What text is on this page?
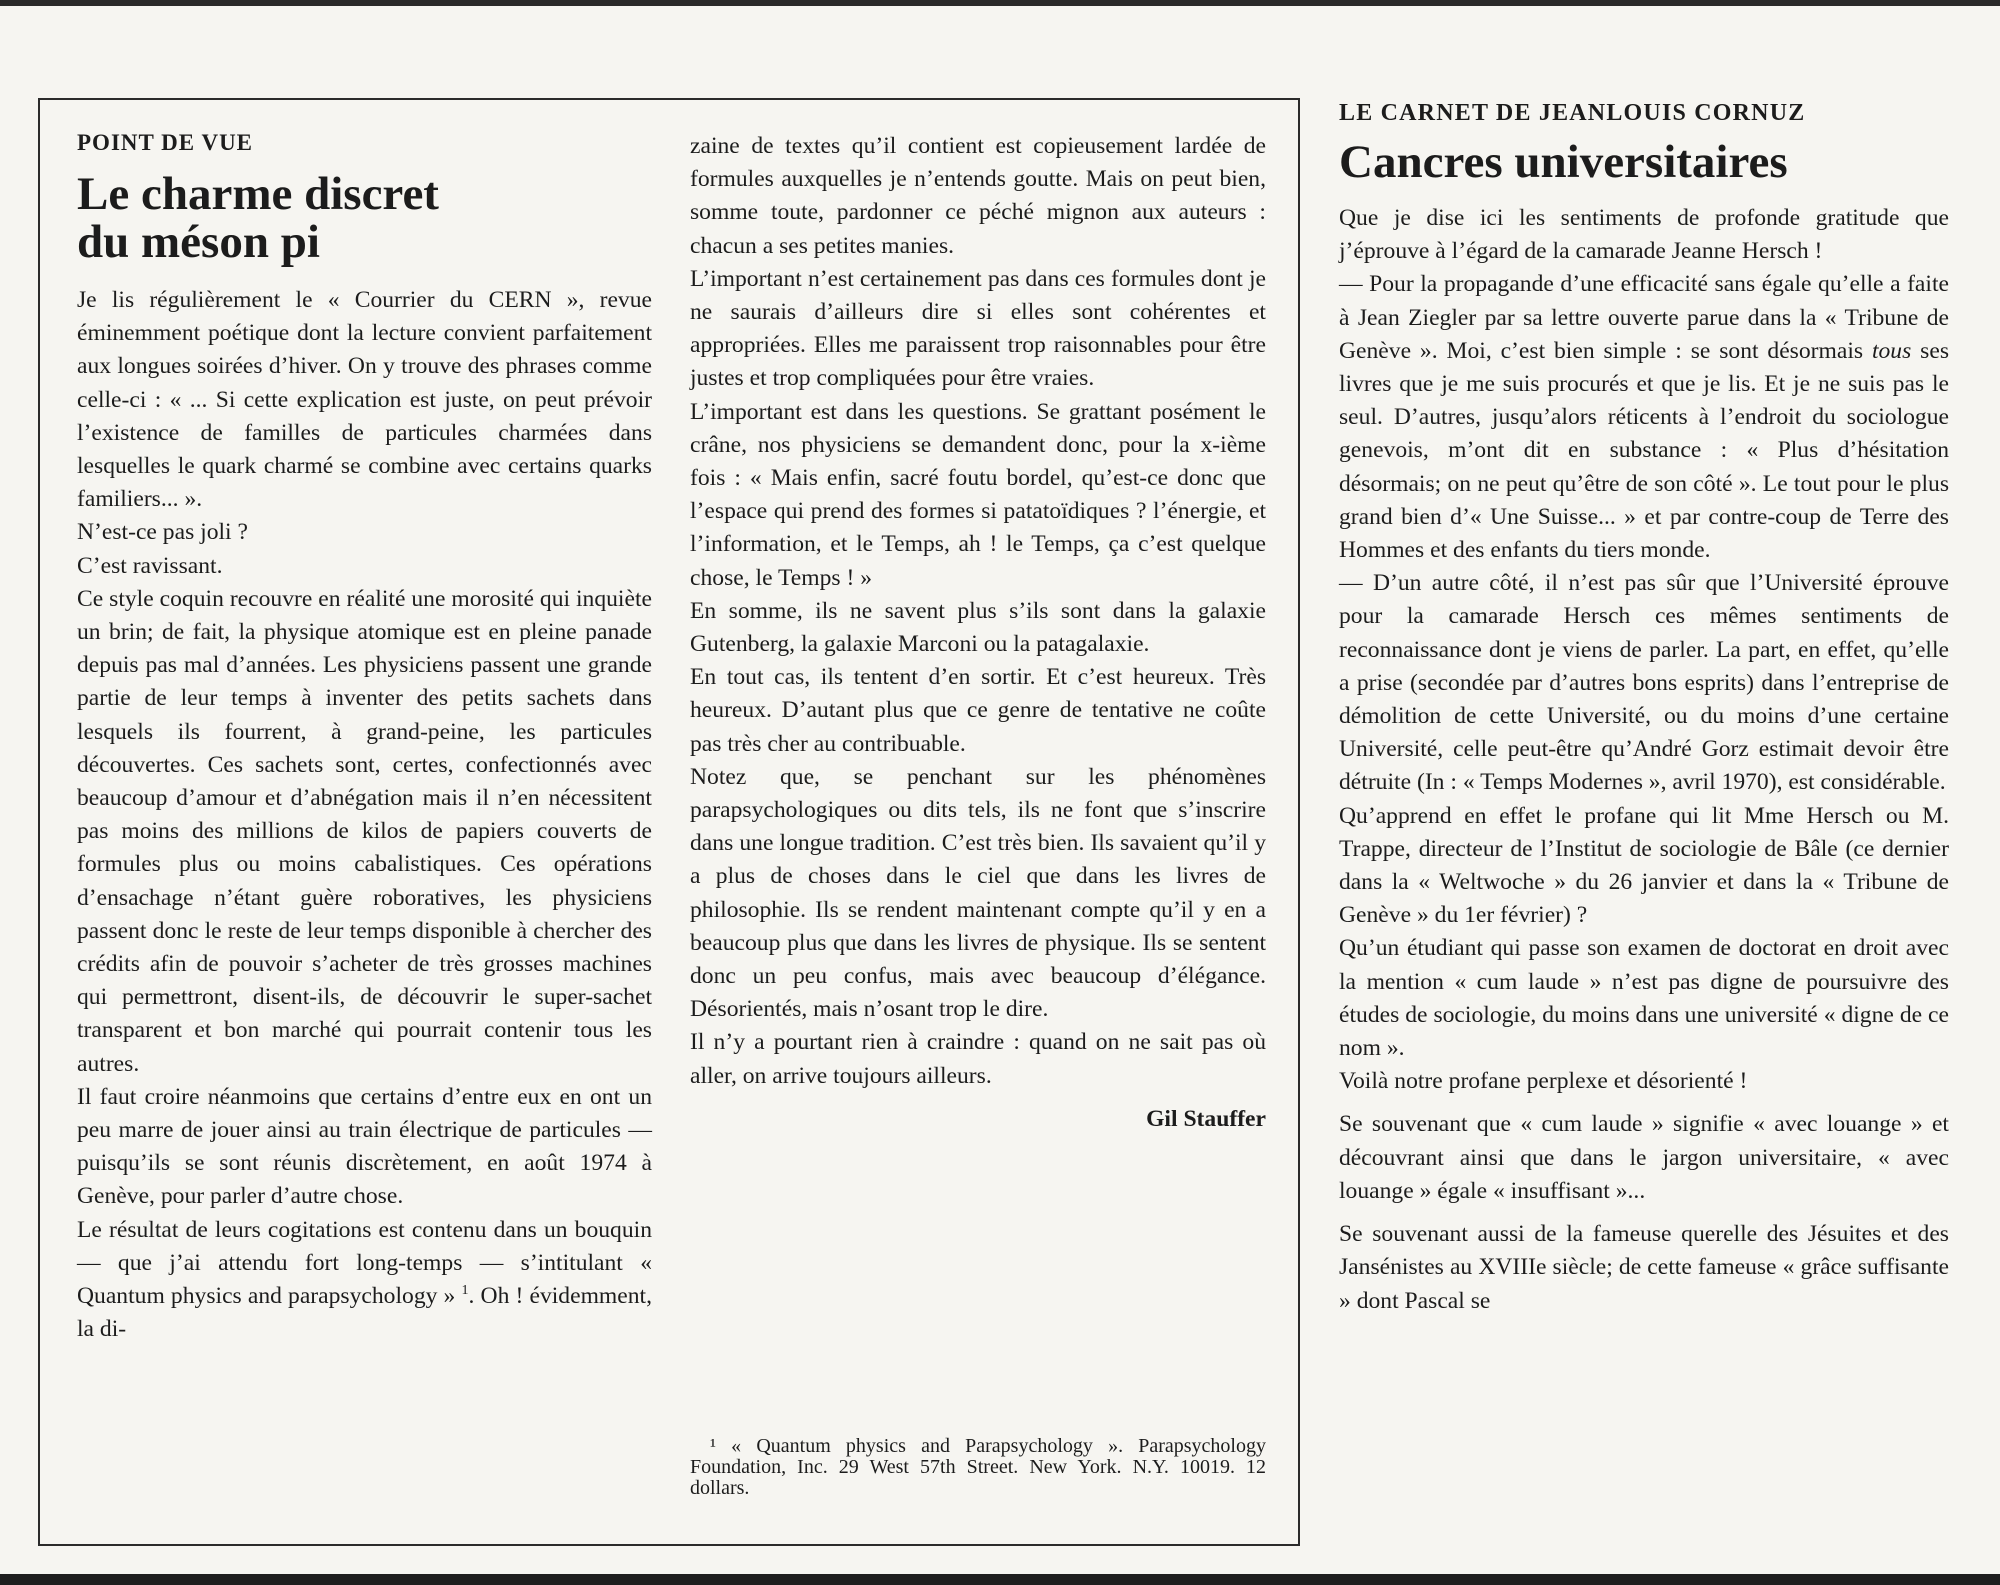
POINT DE VUE
Le charme discret
du méson pi

Je lis régulièrement le « Courrier du CERN », revue éminemment poétique dont la lecture convient parfaitement aux longues soirées d’hiver. On y trouve des phrases comme celle-ci : « ... Si cette explication est juste, on peut prévoir l’existence de familles de particules charmées dans lesquelles le quark charmé se combine avec certains quarks familiers... ».

N’est-ce pas joli ?

C’est ravissant.

Ce style coquin recouvre en réalité une morosité qui inquiète un brin; de fait, la physique atomique est en pleine panade depuis pas mal d’années. Les physiciens passent une grande partie de leur temps à inventer des petits sachets dans lesquels ils fourrent, à grand-peine, les particules découvertes. Ces sachets sont, certes, confectionnés avec beaucoup d’amour et d’abnégation mais il n’en nécessitent pas moins des millions de kilos de papiers couverts de formules plus ou moins cabalistiques. Ces opérations d’ensachage n’étant guère roboratives, les physiciens passent donc le reste de leur temps disponible à chercher des crédits afin de pouvoir s’acheter de très grosses machines qui permettront, disent-ils, de découvrir le super-sachet transparent et bon marché qui pourrait contenir tous les autres.

Il faut croire néanmoins que certains d’entre eux en ont un peu marre de jouer ainsi au train électrique de particules — puisqu’ils se sont réunis discrètement, en août 1974 à Genève, pour parler d’autre chose.

Le résultat de leurs cogitations est contenu dans un bouquin — que j’ai attendu fort long-temps — s’intitulant « Quantum physics and parapsychology » $^1$. Oh ! évidemment, la di-

zaine de textes qu’il contient est copieusement lardée de formules auxquelles je n’entends goutte. Mais on peut bien, somme toute, pardonner ce péché mignon aux auteurs : chacun a ses petites manies.

L’important n’est certainement pas dans ces formules dont je ne saurais d’ailleurs dire si elles sont cohérentes et appropriées. Elles me paraissent trop raisonnables pour être justes et trop compliquées pour être vraies.

L’important est dans les questions. Se grattant posément le crâne, nos physiciens se demandent donc, pour la x-ième fois : « Mais enfin, sacré foutu bordel, qu’est-ce donc que l’espace qui prend des formes si patatoïdiques ? l’énergie, et l’information, et le Temps, ah ! le Temps, ça c’est quelque chose, le Temps ! »

En somme, ils ne savent plus s’ils sont dans la galaxie Gutenberg, la galaxie Marconi ou la patagalaxie.

En tout cas, ils tentent d’en sortir. Et c’est heureux. Très heureux. D’autant plus que ce genre de tentative ne coûte pas très cher au contribuable.

Notez que, se penchant sur les phénomènes parapsychologiques ou dits tels, ils ne font que s’inscrire dans une longue tradition. C’est très bien. Ils savaient qu’il y a plus de choses dans le ciel que dans les livres de philosophie. Ils se rendent maintenant compte qu’il y en a beaucoup plus que dans les livres de physique. Ils se sentent donc un peu confus, mais avec beaucoup d’élégance. Désorientés, mais n’osant trop le dire.

Il n’y a pourtant rien à craindre : quand on ne sait pas où aller, on arrive toujours ailleurs.

Gil Stauffer

¹ « Quantum physics and Parapsychology ». Parapsychology Foundation, Inc. 29 West 57th Street. New York. N.Y. 10019. 12 dollars.

LE CARNET DE JEANLOUIS CORNUZ
Cancres universitaires

Que je dise ici les sentiments de profonde gratitude que j’éprouve à l’égard de la camarade Jeanne Hersch !

— Pour la propagande d’une efficacité sans égale qu’elle a faite à Jean Ziegler par sa lettre ouverte parue dans la « Tribune de Genève ». Moi, c’est bien simple : se sont désormais tous ses livres que je me suis procurés et que je lis. Et je ne suis pas le seul. D’autres, jusqu’alors réticents à l’endroit du sociologue genevois, m’ont dit en substance : « Plus d’hésitation désormais; on ne peut qu’être de son côté ». Le tout pour le plus grand bien d’« Une Suisse... » et par contre-coup de Terre des Hommes et des enfants du tiers monde.

— D’un autre côté, il n’est pas sûr que l’Université éprouve pour la camarade Hersch ces mêmes sentiments de reconnaissance dont je viens de parler. La part, en effet, qu’elle a prise (secondée par d’autres bons esprits) dans l’entreprise de démolition de cette Université, ou du moins d’une certaine Université, celle peut-être qu’André Gorz estimait devoir être détruite (In : « Temps Modernes », avril 1970), est considérable.

Qu’apprend en effet le profane qui lit Mme Hersch ou M. Trappe, directeur de l’Institut de sociologie de Bâle (ce dernier dans la « Weltwoche » du 26 janvier et dans la « Tribune de Genève » du 1er février) ?

Qu’un étudiant qui passe son examen de doctorat en droit avec la mention « cum laude » n’est pas digne de poursuivre des études de sociologie, du moins dans une université « digne de ce nom ».

Voilà notre profane perplexe et désorienté !

Se souvenant que « cum laude » signifie « avec louange » et découvrant ainsi que dans le jargon universitaire, « avec louange » égale « insuffisant »...

Se souvenant aussi de la fameuse querelle des Jésuites et des Jansénistes au XVIIIe siècle; de cette fameuse « grâce suffisante » dont Pascal se
